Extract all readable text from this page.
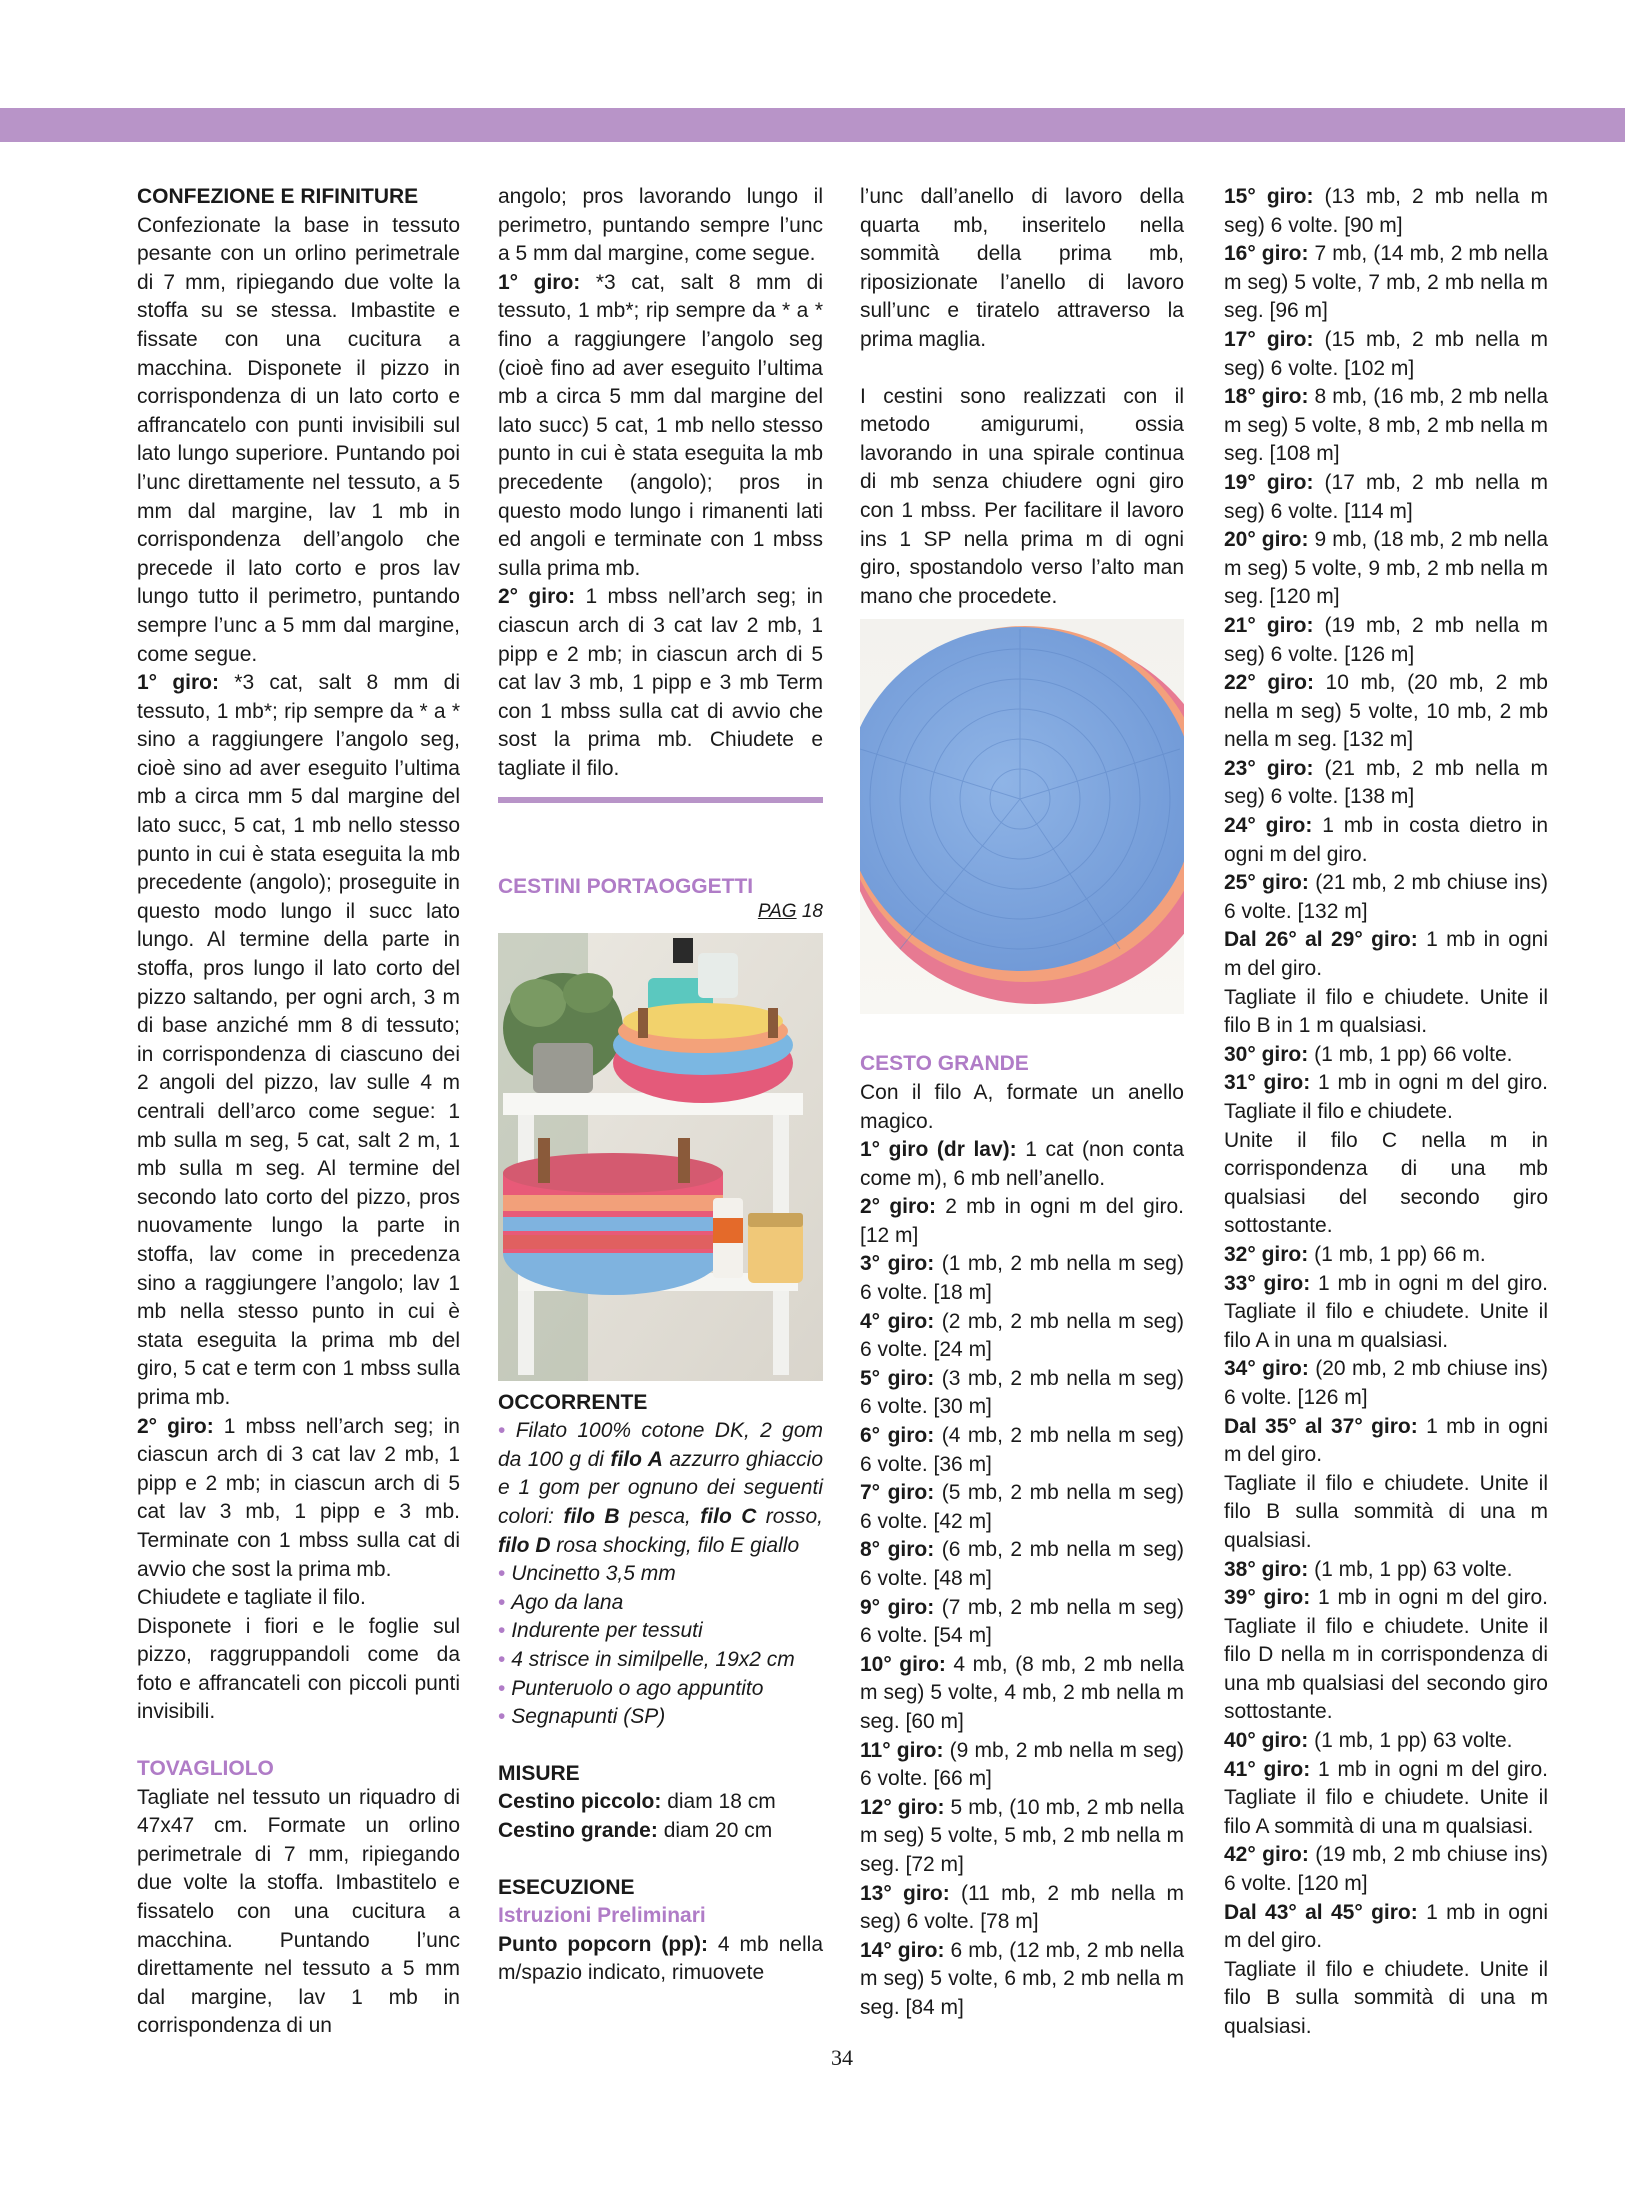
CONFEZIONE E RIFINITURE

Confezionate la base in tessuto pesante con un orlino perimetrale di 7 mm, ripiegando due volte la stoffa su se stessa. Imbastite e fissate con una cucitura a macchina. Disponete il pizzo in corrispondenza di un lato corto e affrancatelo con punti invisibili sul lato lungo superiore. Puntando poi l’unc direttamente nel tessuto, a 5 mm dal margine, lav 1 mb in corrispondenza dell’angolo che precede il lato corto e pros lav lungo tutto il perimetro, puntando sempre l’unc a 5 mm dal margine, come segue.

1° giro: *3 cat, salt 8 mm di tessuto, 1 mb*; rip sempre da * a * sino a raggiungere l’angolo seg, cioè sino ad aver eseguito l’ultima mb a circa mm 5 dal margine del lato succ, 5 cat, 1 mb nello stesso punto in cui è stata eseguita la mb precedente (angolo); proseguite in questo modo lungo il succ lato lungo. Al termine della parte in stoffa, pros lungo il lato corto del pizzo saltando, per ogni arch, 3 m di base anziché mm 8 di tessuto; in corrispondenza di ciascuno dei 2 angoli del pizzo, lav sulle 4 m centrali dell’arco come segue: 1 mb sulla m seg, 5 cat, salt 2 m, 1 mb sulla m seg. Al termine del secondo lato corto del pizzo, pros nuovamente lungo la parte in stoffa, lav come in precedenza sino a raggiungere l’angolo; lav 1 mb nella stesso punto in cui è stata eseguita la prima mb del giro, 5 cat e term con 1 mbss sulla prima mb.

2° giro: 1 mbss nell’arch seg; in ciascun arch di 3 cat lav 2 mb, 1 pipp e 2 mb; in ciascun arch di 5 cat lav 3 mb, 1 pipp e 3 mb. Terminate con 1 mbss sulla cat di avvio che sost la prima mb.

Chiudete e tagliate il filo.

Disponete i fiori e le foglie sul pizzo, raggruppandoli come da foto e affrancateli con piccoli punti invisibili.

TOVAGLIOLO

Tagliate nel tessuto un riquadro di 47x47 cm. Formate un orlino perimetrale di 7 mm, ripiegando due volte la stoffa. Imbastitelo e fissatelo con una cucitura a macchina. Puntando l’unc direttamente nel tessuto a 5 mm dal margine, lav 1 mb in corrispondenza di un

angolo; pros lavorando lungo il perimetro, puntando sempre l’unc a 5 mm dal margine, come segue.

1° giro: *3 cat, salt 8 mm di tessuto, 1 mb*; rip sempre da * a * fino a raggiungere l’angolo seg (cioè fino ad aver eseguito l’ultima mb a circa 5 mm dal margine del lato succ) 5 cat, 1 mb nello stesso punto in cui è stata eseguita la mb precedente (angolo); pros in questo modo lungo i rimanenti lati ed angoli e terminate con 1 mbss sulla prima mb.

2° giro: 1 mbss nell’arch seg; in ciascun arch di 3 cat lav 2 mb, 1 pipp e 2 mb; in ciascun arch di 5 cat lav 3 mb, 1 pipp e 3 mb Term con 1 mbss sulla cat di avvio che sost la prima mb. Chiudete e tagliate il filo.

CESTINI PORTAOGGETTI
PAG 18
OCCORRENTE
• Filato 100% cotone DK, 2 gom da 100 g di filo A azzurro ghiaccio e 1 gom per ognuno dei seguenti colori: filo B pesca, filo C rosso, filo D rosa shocking, filo E giallo
• Uncinetto 3,5 mm
• Ago da lana
• Indurente per tessuti
• 4 strisce in similpelle, 19x2 cm
• Punteruolo o ago appuntito
• Segnapunti (SP)
MISURE
Cestino piccolo: diam 18 cm
Cestino grande: diam 20 cm
ESECUZIONE
Istruzioni Preliminari

Punto popcorn (pp): 4 mb nella m/spazio indicato, rimuovete

l’unc dall’anello di lavoro della quarta mb, inseritelo nella sommità della prima mb, riposizionate l’anello di lavoro sull’unc e tiratelo attraverso la prima maglia.

I cestini sono realizzati con il metodo amigurumi, ossia lavorando in una spirale continua di mb senza chiudere ogni giro con 1 mbss. Per facilitare il lavoro ins 1 SP nella prima m di ogni giro, spostandolo verso l’alto man mano che procedete.

CESTO GRANDE

Con il filo A, formate un anello magico.

1° giro (dr lav): 1 cat (non conta come m), 6 mb nell’anello.

2° giro: 2 mb in ogni m del giro. [12 m]

3° giro: (1 mb, 2 mb nella m seg) 6 volte. [18 m]

4° giro: (2 mb, 2 mb nella m seg) 6 volte. [24 m]

5° giro: (3 mb, 2 mb nella m seg) 6 volte. [30 m]

6° giro: (4 mb, 2 mb nella m seg) 6 volte. [36 m]

7° giro: (5 mb, 2 mb nella m seg) 6 volte. [42 m]

8° giro: (6 mb, 2 mb nella m seg) 6 volte. [48 m]

9° giro: (7 mb, 2 mb nella m seg) 6 volte. [54 m]

10° giro: 4 mb, (8 mb, 2 mb nella m seg) 5 volte, 4 mb, 2 mb nella m seg. [60 m]

11° giro: (9 mb, 2 mb nella m seg) 6 volte. [66 m]

12° giro: 5 mb, (10 mb, 2 mb nella m seg) 5 volte, 5 mb, 2 mb nella m seg. [72 m]

13° giro: (11 mb, 2 mb nella m seg) 6 volte. [78 m]

14° giro: 6 mb, (12 mb, 2 mb nella m seg) 5 volte, 6 mb, 2 mb nella m seg. [84 m]

15° giro: (13 mb, 2 mb nella m seg) 6 volte. [90 m]

16° giro: 7 mb, (14 mb, 2 mb nella m seg) 5 volte, 7 mb, 2 mb nella m seg. [96 m]

17° giro: (15 mb, 2 mb nella m seg) 6 volte. [102 m]

18° giro: 8 mb, (16 mb, 2 mb nella m seg) 5 volte, 8 mb, 2 mb nella m seg. [108 m]

19° giro: (17 mb, 2 mb nella m seg) 6 volte. [114 m]

20° giro: 9 mb, (18 mb, 2 mb nella m seg) 5 volte, 9 mb, 2 mb nella m seg. [120 m]

21° giro: (19 mb, 2 mb nella m seg) 6 volte. [126 m]

22° giro: 10 mb, (20 mb, 2 mb nella m seg) 5 volte, 10 mb, 2 mb nella m seg. [132 m]

23° giro: (21 mb, 2 mb nella m seg) 6 volte. [138 m]

24° giro: 1 mb in costa dietro in ogni m del giro.

25° giro: (21 mb, 2 mb chiuse ins) 6 volte. [132 m]

Dal 26° al 29° giro: 1 mb in ogni m del giro.

Tagliate il filo e chiudete. Unite il filo B in 1 m qualsiasi.

30° giro: (1 mb, 1 pp) 66 volte.

31° giro: 1 mb in ogni m del giro. Tagliate il filo e chiudete.

Unite il filo C nella m in corrispondenza di una mb qualsiasi del secondo giro sottostante.

32° giro: (1 mb, 1 pp) 66 m.

33° giro: 1 mb in ogni m del giro. Tagliate il filo e chiudete. Unite il filo A in una m qualsiasi.

34° giro: (20 mb, 2 mb chiuse ins) 6 volte. [126 m]

Dal 35° al 37° giro: 1 mb in ogni m del giro.

Tagliate il filo e chiudete. Unite il filo B sulla sommità di una m qualsiasi.

38° giro: (1 mb, 1 pp) 63 volte.

39° giro: 1 mb in ogni m del giro. Tagliate il filo e chiudete. Unite il filo D nella m in corrispondenza di una mb qualsiasi del secondo giro sottostante.

40° giro: (1 mb, 1 pp) 63 volte.

41° giro: 1 mb in ogni m del giro. Tagliate il filo e chiudete. Unite il filo A sommità di una m qualsiasi.

42° giro: (19 mb, 2 mb chiuse ins) 6 volte. [120 m]

Dal 43° al 45° giro: 1 mb in ogni m del giro.

Tagliate il filo e chiudete. Unite il filo B sulla sommità di una m qualsiasi.

34
